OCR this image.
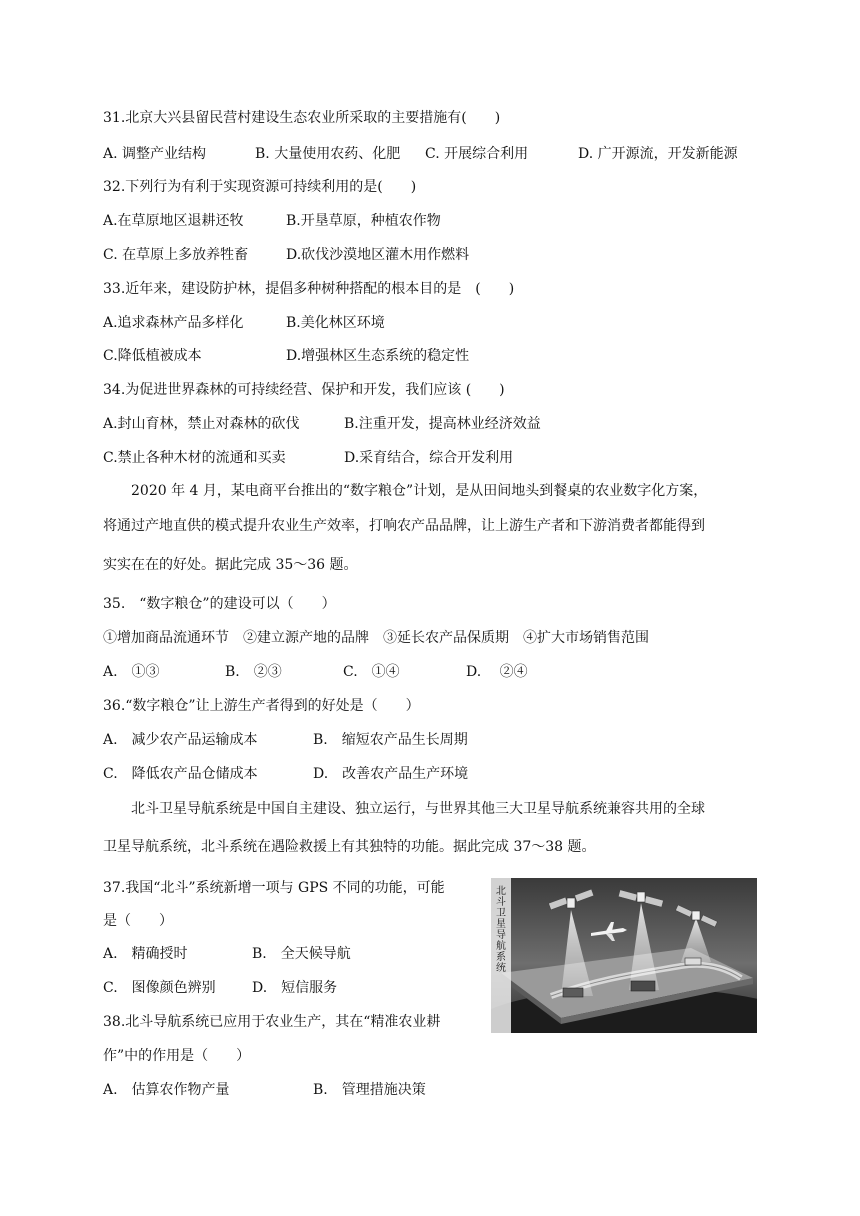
31.北京大兴县留民营村建设生态农业所采取的主要措施有(　　)
A. 调整产业结构	B. 大量使用农药、化肥 C. 开展综合利用	D. 广开源流，开发新能源
32.下列行为有利于实现资源可持续利用的是(　　)
A.在草原地区退耕还牧	B.开垦草原，种植农作物
C. 在草原上多放养牲畜	D.砍伐沙漠地区灌木用作燃料
33.近年来，建设防护林，提倡多种树种搭配的根本目的是　(　　)
A.追求森林产品多样化	B.美化林区环境
C.降低植被成本	D.增强林区生态系统的稳定性
34.为促进世界森林的可持续经营、保护和开发，我们应该 (　　)
A.封山育林，禁止对森林的砍伐	B.注重开发，提高林业经济效益
C.禁止各种木材的流通和买卖	D.采育结合，综合开发利用
2020 年 4 月，某电商平台推出的“数字粮仓”计划，是从田间地头到餐桌的农业数字化方案，
将通过产地直供的模式提升农业生产效率，打响农产品品牌，让上游生产者和下游消费者都能得到
实实在在的好处。据此完成 35～36 题。
35.　“数字粮仓”的建设可以（　　）
①增加商品流通环节　②建立源产地的品牌　③延长农产品保质期　④扩大市场销售范围
A.　①③	B.　②③	C.　①④	D.　 ②④
36.“数字粮仓”让上游生产者得到的好处是（　　）
A.　减少农产品运输成本	B.　缩短农产品生长周期
C.　降低农产品仓储成本	D.　改善农产品生产环境
北斗卫星导航系统是中国自主建设、独立运行，与世界其他三大卫星导航系统兼容共用的全球
卫星导航系统，北斗系统在遇险救援上有其独特的功能。据此完成 37～38 题。
37.我国“北斗”系统新增一项与 GPS 不同的功能，可能
是（　　）
A.　精确授时	B.　全天候导航
C.　图像颜色辨别	D.　短信服务
38.北斗导航系统已应用于农业生产，其在“精准农业耕
作”中的作用是（　　）
A.　估算农作物产量	B.　管理措施决策
北斗卫星导航系统
